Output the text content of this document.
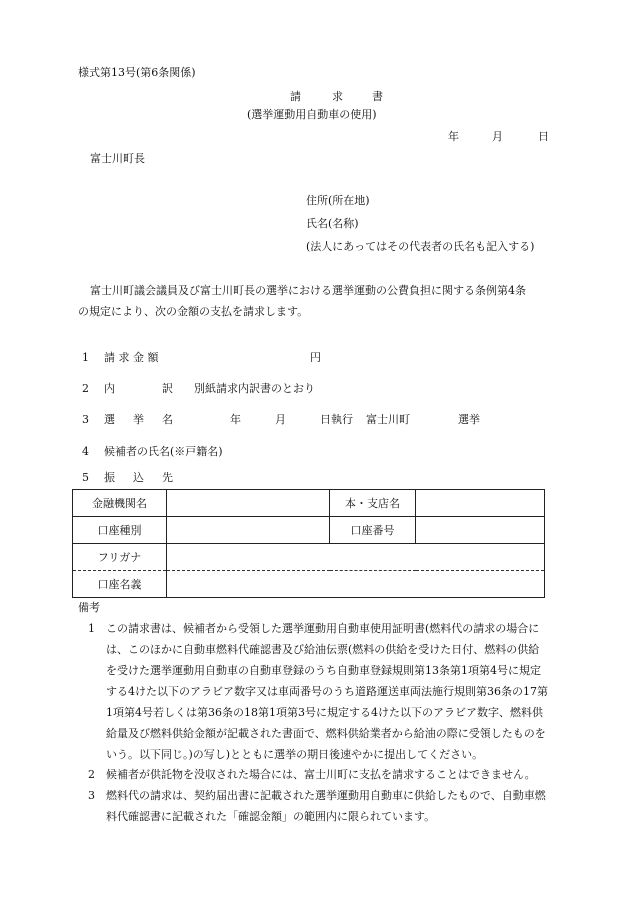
様式第13号(第6条関係)
請	求	書
(選挙運動用自動車の使用)
年	月	日
富士川町長
住所(所在地)
氏名(名称)
(法人にあってはその代表者の氏名も記入する)
富士川町議会議員及び富士川町長の選挙における選挙運動の公費負担に関する条例第4条
の規定により、次の金額の支払を請求します。
1 請 求 金 額	円
2 内	訳 別紙請求内訳書のとおり
3 選 挙 名	年	月	日執行 富士川町	選挙
4 候補者の氏名(※戸籍名)
5 振 込 先
金融機関名		本・支店名	
口座種別		口座番号	
フリガナ			
口座名義			
備考
1 この請求書は、候補者から受領した選挙運動用自動車使用証明書(燃料代の請求の場合には、このほかに自動車燃料代確認書及び給油伝票(燃料の供給を受けた日付、燃料の供給を受けた選挙運動用自動車の自動車登録のうち自動車登録規則第13条第1項第4号に規定する4けた以下のアラビア数字又は車両番号のうち道路運送車両法施行規則第36条の17第1項第4号若しくは第36条の18第1項第3号に規定する4けた以下のアラビア数字、燃料供給量及び燃料供給金額が記載された書面で、燃料供給業者から給油の際に受領したものをいう。以下同じ。)の写し)とともに選挙の期日後速やかに提出してください。
2 候補者が供託物を没収された場合には、富士川町に支払を請求することはできません。
3 燃料代の請求は、契約届出書に記載された選挙運動用自動車に供給したもので、自動車燃料代確認書に記載された「確認金額」の範囲内に限られています。
